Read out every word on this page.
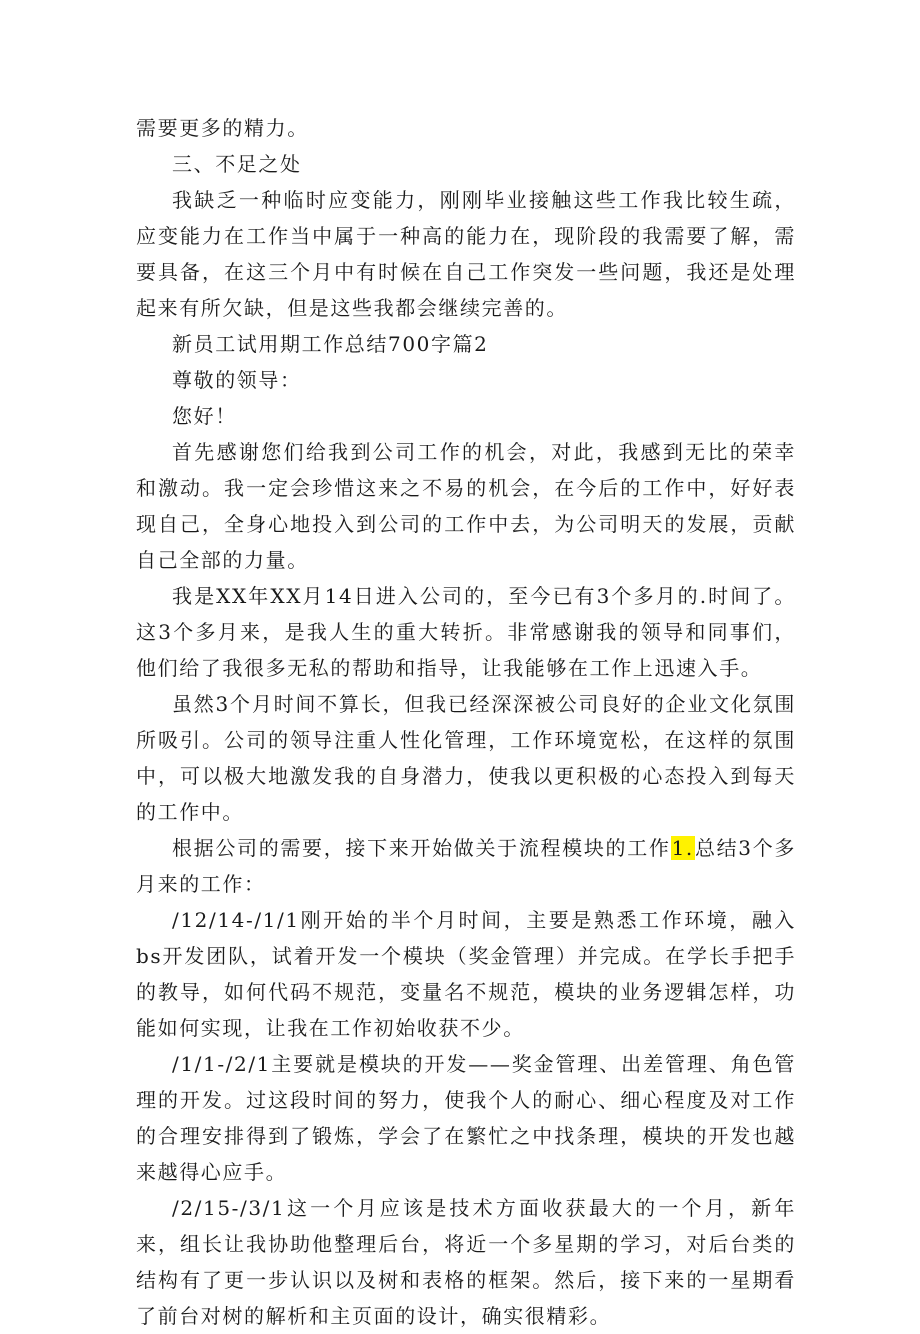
需要更多的精力。

三、不足之处

我缺乏一种临时应变能力，刚刚毕业接触这些工作我比较生疏，应变能力在工作当中属于一种高的能力在，现阶段的我需要了解，需要具备，在这三个月中有时候在自己工作突发一些问题，我还是处理起来有所欠缺，但是这些我都会继续完善的。

新员工试用期工作总结700字篇2

尊敬的领导：

您好！

首先感谢您们给我到公司工作的机会，对此，我感到无比的荣幸和激动。我一定会珍惜这来之不易的机会，在今后的工作中，好好表现自己，全身心地投入到公司的工作中去，为公司明天的发展，贡献自己全部的力量。

我是XX年XX月14日进入公司的，至今已有3个多月的.时间了。这3个多月来，是我人生的重大转折。非常感谢我的领导和同事们，他们给了我很多无私的帮助和指导，让我能够在工作上迅速入手。

虽然3个月时间不算长，但我已经深深被公司良好的企业文化氛围所吸引。公司的领导注重人性化管理，工作环境宽松，在这样的氛围中，可以极大地激发我的自身潜力，使我以更积极的心态投入到每天的工作中。

根据公司的需要，接下来开始做关于流程模块的工作1.总结3个多月来的工作：

/12/14-/1/1刚开始的半个月时间，主要是熟悉工作环境，融入bs开发团队，试着开发一个模块（奖金管理）并完成。在学长手把手的教导，如何代码不规范，变量名不规范，模块的业务逻辑怎样，功能如何实现，让我在工作初始收获不少。

/1/1-/2/1主要就是模块的开发——奖金管理、出差管理、角色管理的开发。过这段时间的努力，使我个人的耐心、细心程度及对工作的合理安排得到了锻炼，学会了在繁忙之中找条理，模块的开发也越来越得心应手。

/2/15-/3/1这一个月应该是技术方面收获最大的一个月，新年来，组长让我协助他整理后台，将近一个多星期的学习，对后台类的结构有了更一步认识以及树和表格的框架。然后，接下来的一星期看了前台对树的解析和主页面的设计，确实很精彩。
